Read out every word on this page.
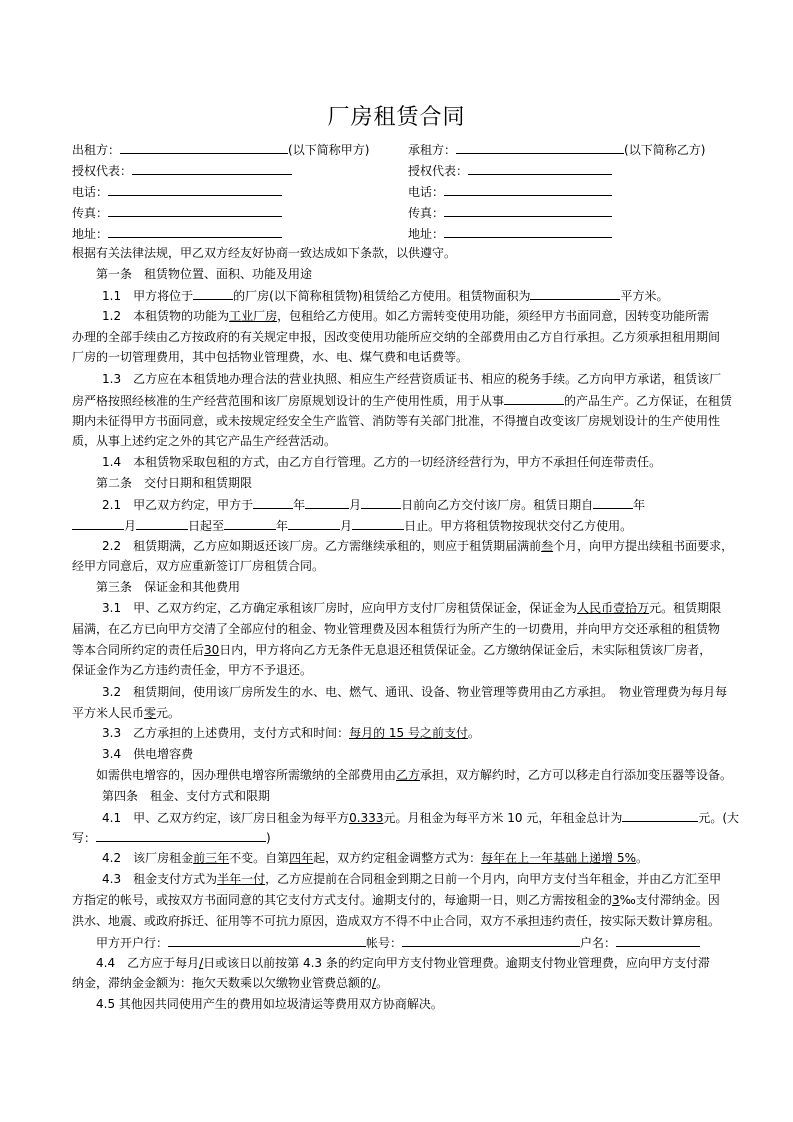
厂房租赁合同
出租方：	(以下简称甲方)
授权代表：
电话：
传真：
地址：
承租方：	(以下简称乙方)
授权代表：
电话：
传真：
地址：
根据有关法律法规，甲乙双方经友好协商一致达成如下条款，以供遵守。
第一条　租赁物位置、面积、功能及用途
1.1　甲方将位于	的厂房(以下简称租赁物)租赁给乙方使用。租赁物面积为	平方米。
1.2　本租赁物的功能为工业厂房，包租给乙方使用。如乙方需转变使用功能，须经甲方书面同意，因转变功能所需
办理的全部手续由乙方按政府的有关规定申报，因改变使用功能所应交纳的全部费用由乙方自行承担。乙方须承担租用期间
厂房的一切管理费用，其中包括物业管理费，水、电、煤气费和电话费等。
1.3　乙方应在本租赁地办理合法的营业执照、相应生产经营资质证书、相应的税务手续。乙方向甲方承诺，租赁该厂
房严格按照经核准的生产经营范围和该厂房原规划设计的生产使用性质，用于从事	的产品生产。乙方保证，在租赁
期内未征得甲方书面同意，或未按规定经安全生产监管、消防等有关部门批准，不得擅自改变该厂房规划设计的生产使用性
质，从事上述约定之外的其它产品生产经营活动。
1.4　本租赁物采取包租的方式，由乙方自行管理。乙方的一切经济经营行为，甲方不承担任何连带责任。
第二条　交付日期和租赁期限
2.1　甲乙双方约定，甲方于	年	月	日前向乙方交付该厂房。租赁日期自	年
月	日起至	年	月	日止。甲方将租赁物按现状交付乙方使用。
2.2　租赁期满，乙方应如期返还该厂房。乙方需继续承租的，则应于租赁期届满前叁个月，向甲方提出续租书面要求，
经甲方同意后，双方应重新签订厂房租赁合同。
第三条　保证金和其他费用
3.1　甲、乙双方约定，乙方确定承租该厂房时，应向甲方支付厂房租赁保证金，保证金为人民币壹拾万元。租赁期限
届满，在乙方已向甲方交清了全部应付的租金、物业管理费及因本租赁行为所产生的一切费用，并向甲方交还承租的租赁物
等本合同所约定的责任后30日内，甲方将向乙方无条件无息退还租赁保证金。乙方缴纳保证金后，未实际租赁该厂房者，
保证金作为乙方违约责任金，甲方不予退还。
3.2　租赁期间，使用该厂房所发生的水、电、燃气、通讯、设备、物业管理等费用由乙方承担。　物业管理费为每月每
平方米人民币零元。
3.3　乙方承担的上述费用，支付方式和时间：每月的 15 号之前支付。
3.4　供电增容费
如需供电增容的，因办理供电增容所需缴纳的全部费用由乙方承担，双方解约时，乙方可以移走自行添加变压器等设备。
第四条　租金、支付方式和限期
4.1　甲、乙双方约定，该厂房日租金为每平方0.333元。月租金为每平方米 10 元，年租金总计为	元。(大
写：	)
4.2　该厂房租金前三年不变。自第四年起，双方约定租金调整方式为：每年在上一年基础上递增 5%。
4.3　租金支付方式为半年一付，乙方应提前在合同租金到期之日前一个月内，向甲方支付当年租金，并由乙方汇至甲
方指定的帐号，或按双方书面同意的其它支付方式支付。逾期支付的，每逾期一日，则乙方需按租金的3‰支付滞纳金。因
洪水、地震、或政府拆迁、征用等不可抗力原因，造成双方不得不中止合同，双方不承担违约责任，按实际天数计算房租。
甲方开户行：	帐号：	户名：
4.4　乙方应于每月/日或该日以前按第 4.3 条的约定向甲方支付物业管理费。逾期支付物业管理费，应向甲方支付滞
纳金，滞纳金金额为：拖欠天数乘以欠缴物业管费总额的/。
4.5 其他因共同使用产生的费用如垃圾清运等费用双方协商解决。
